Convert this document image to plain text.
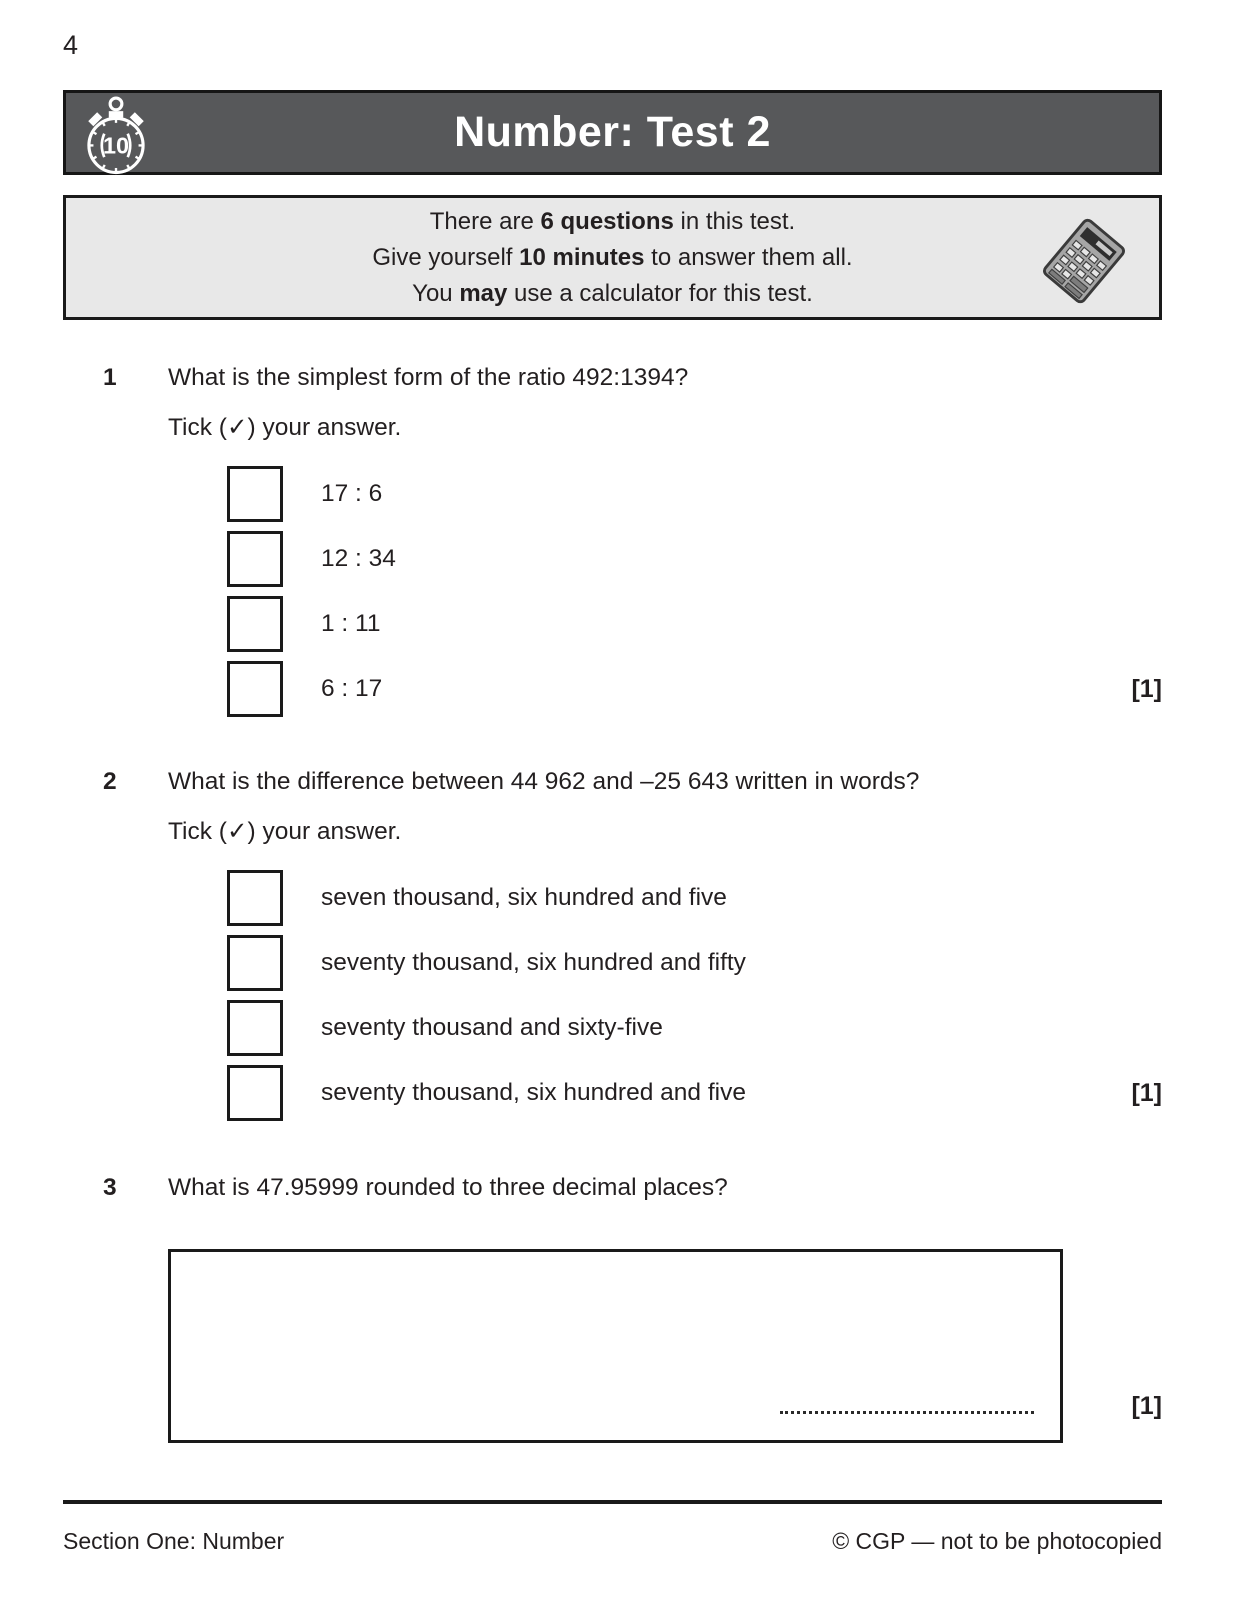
4
10	Number: Test 2
There are 6 questions in this test.
Give yourself 10 minutes to answer them all.
You may use a calculator for this test.
1 What is the simplest form of the ratio 492:1394?
Tick (✓) your answer.
17 : 6
12 : 34
1 : 11
6 : 17	[1]
2 What is the difference between 44 962 and –25 643 written in words?
Tick (✓) your answer.
seven thousand, six hundred and five
seventy thousand, six hundred and fifty
seventy thousand and sixty-five
seventy thousand, six hundred and five	[1]
3 What is 47.95999 rounded to three decimal places?
[1]
Section One: Number	© CGP — not to be photocopied
